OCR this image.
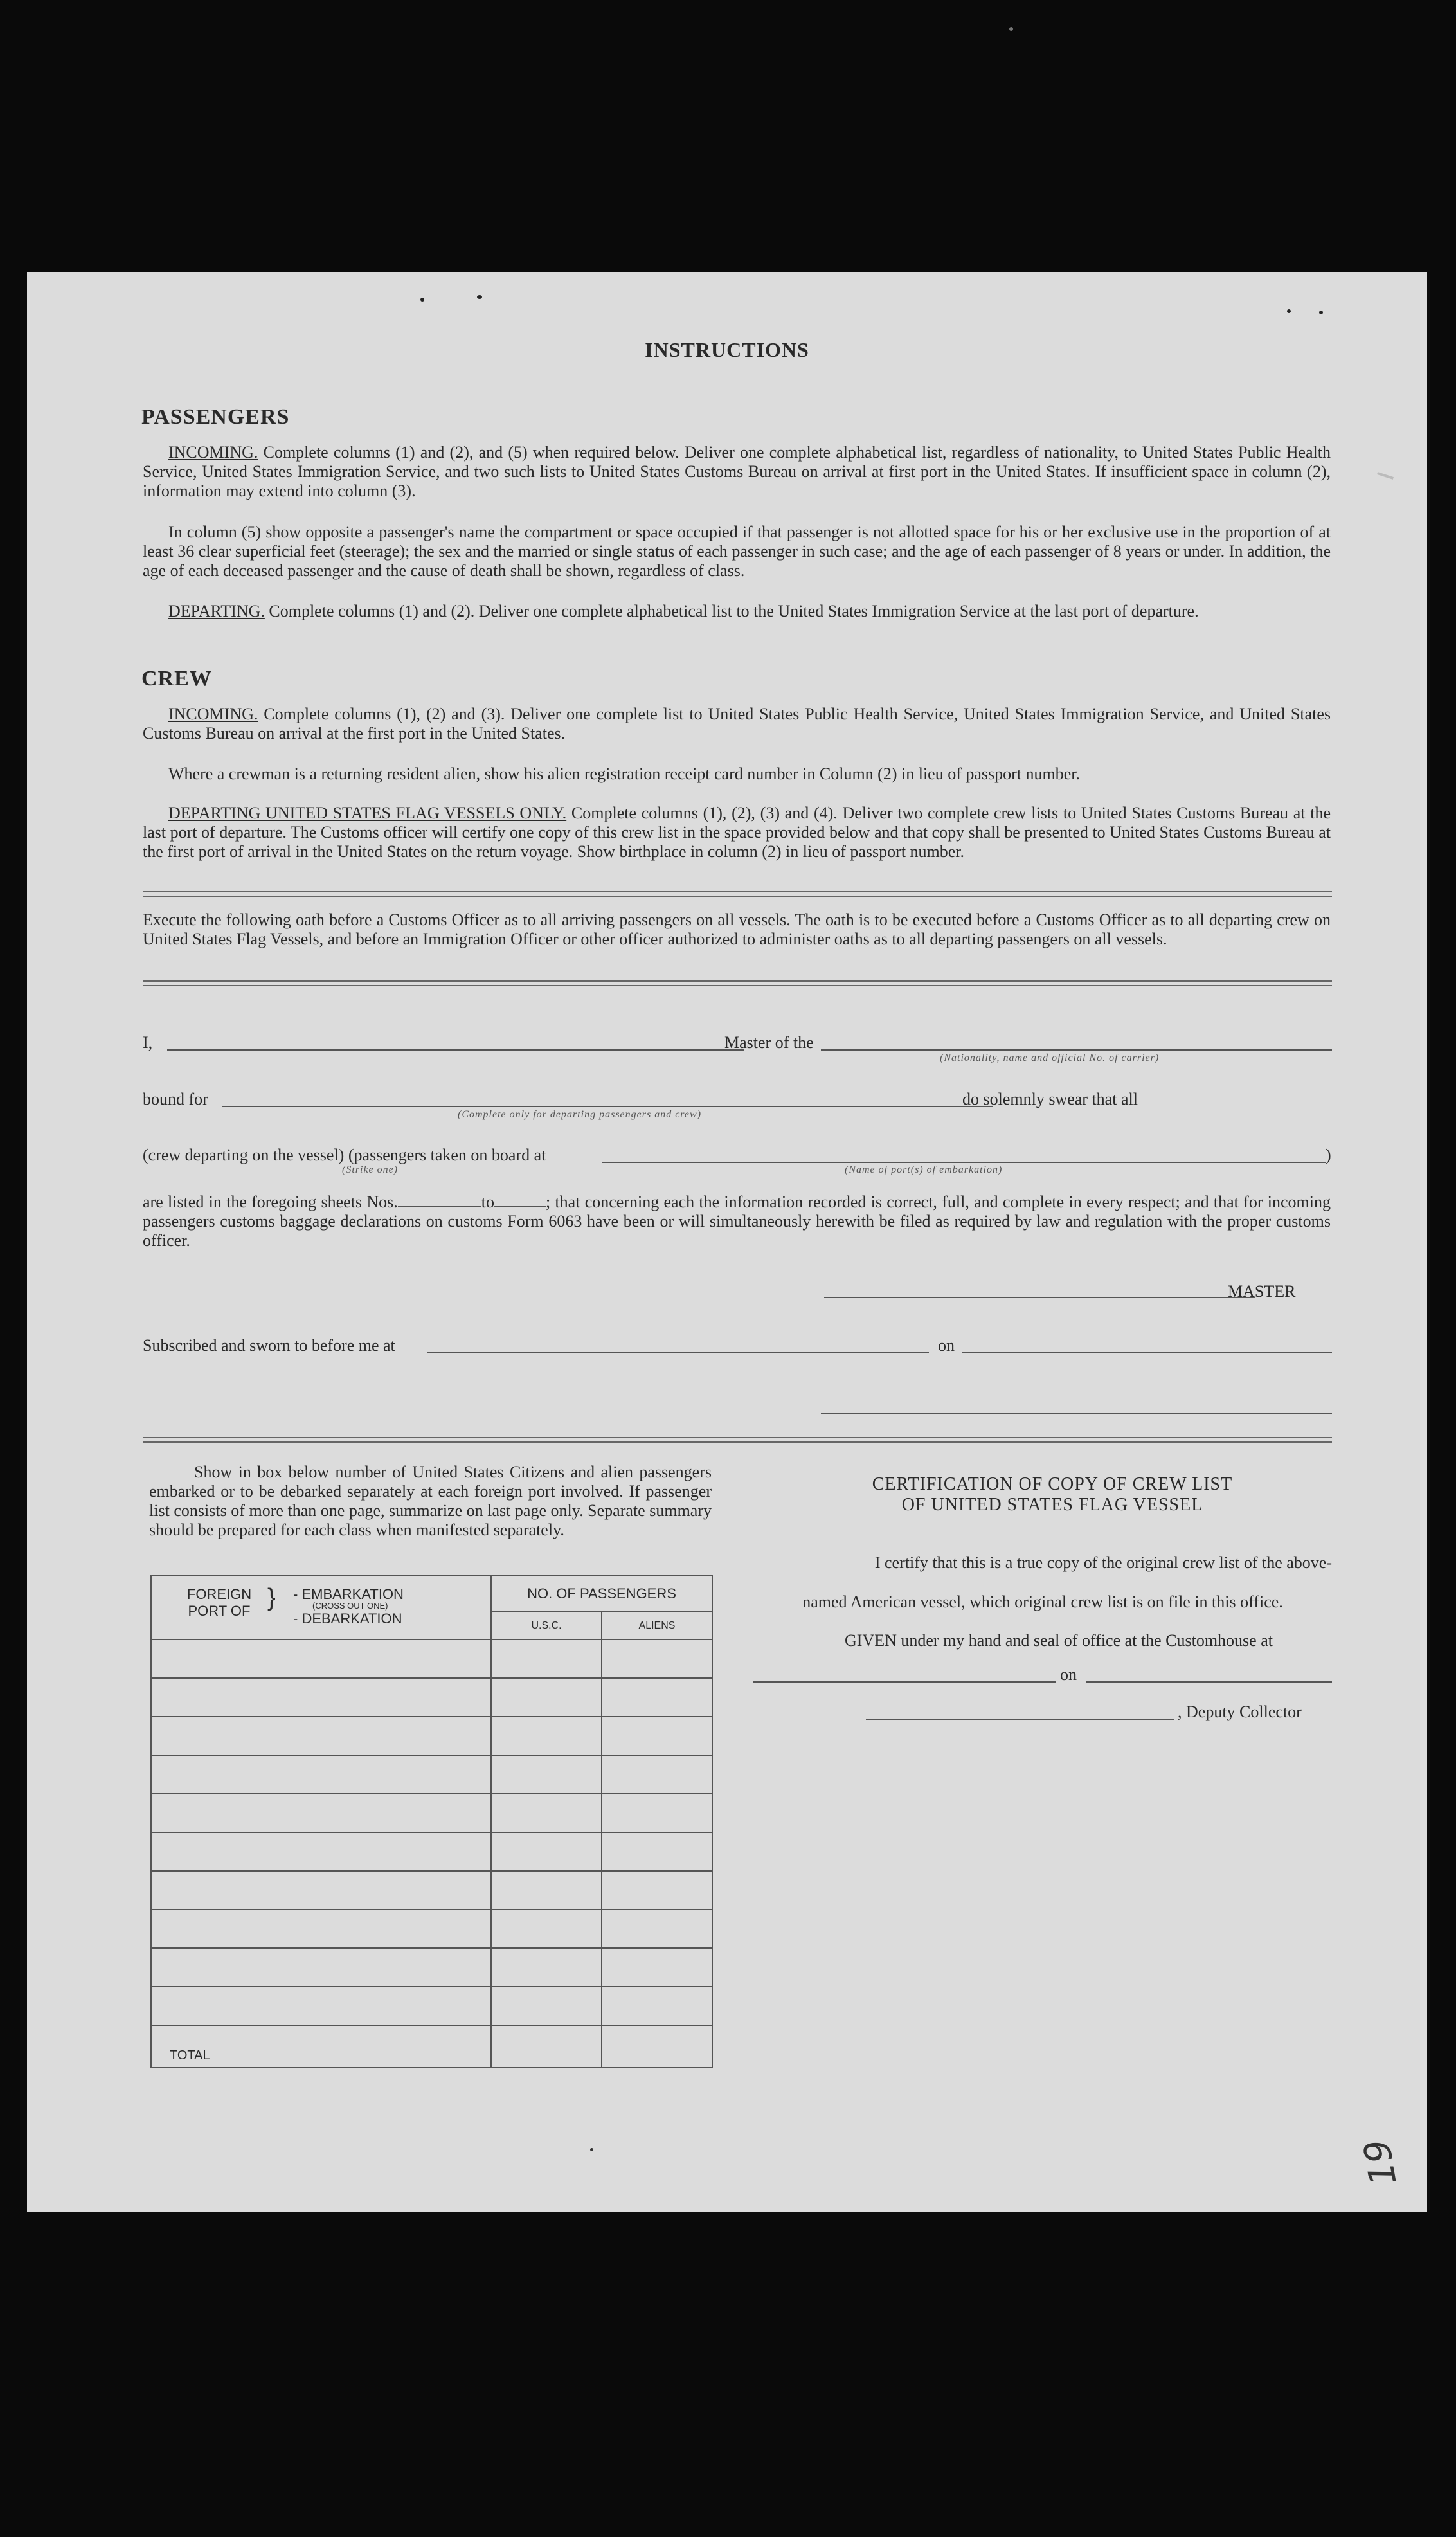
INSTRUCTIONS
PASSENGERS
INCOMING. Complete columns (1) and (2), and (5) when required below. Deliver one complete alphabetical list, regardless of nationality, to United States Public Health Service, United States Immigration Service, and two such lists to United States Customs Bureau on arrival at first port in the United States. If insufficient space in column (2), information may extend into column (3).
In column (5) show opposite a passenger's name the compartment or space occupied if that passenger is not allotted space for his or her exclusive use in the proportion of at least 36 clear superficial feet (steerage); the sex and the married or single status of each passenger in such case; and the age of each passenger of 8 years or under. In addition, the age of each deceased passenger and the cause of death shall be shown, regardless of class.
DEPARTING. Complete columns (1) and (2). Deliver one complete alphabetical list to the United States Immigration Service at the last port of departure.
CREW
INCOMING. Complete columns (1), (2) and (3). Deliver one complete list to United States Public Health Service, United States Immigration Service, and United States Customs Bureau on arrival at the first port in the United States.
Where a crewman is a returning resident alien, show his alien registration receipt card number in Column (2) in lieu of passport number.
DEPARTING UNITED STATES FLAG VESSELS ONLY. Complete columns (1), (2), (3) and (4). Deliver two complete crew lists to United States Customs Bureau at the last port of departure. The Customs officer will certify one copy of this crew list in the space provided below and that copy shall be presented to United States Customs Bureau at the first port of arrival in the United States on the return voyage. Show birthplace in column (2) in lieu of passport number.
Execute the following oath before a Customs Officer as to all arriving passengers on all vessels. The oath is to be executed before a Customs Officer as to all departing crew on United States Flag Vessels, and before an Immigration Officer or other officer authorized to administer oaths as to all departing passengers on all vessels.
I,	Master of the
(Nationality, name and official No. of carrier)
bound for
(Complete only for departing passengers and crew)
do solemnly swear that all
(crew departing on the vessel) (passengers taken on board at
(Strike one)	(Name of port(s) of embarkation)
)
are listed in the foregoing sheets Nos.	to	; that concerning each the information recorded is correct, full, and complete in every respect; and that for incoming passengers customs baggage declarations on customs Form 6063 have been or will simultaneously herewith be filed as required by law and regulation with the proper customs officer.
MASTER
Subscribed and sworn to before me at	on
Show in box below number of United States Citizens and alien passengers embarked or to be debarked separately at each foreign port involved. If passenger list consists of more than one page, summarize on last page only. Separate summary should be prepared for each class when manifested separately.
FOREIGN PORT OF } - EMBARKATION
(CROSS OUT ONE)
- DEBARKATION	NO. OF PASSENGERS	
	U.S.C.	ALIENS

TOTAL		
CERTIFICATION OF COPY OF CREW LIST
OF UNITED STATES FLAG VESSEL
I certify that this is a true copy of the original crew list of the above-
named American vessel, which original crew list is on file in this office.
GIVEN under my hand and seal of office at the Customhouse at
on
, Deputy Collector
19
